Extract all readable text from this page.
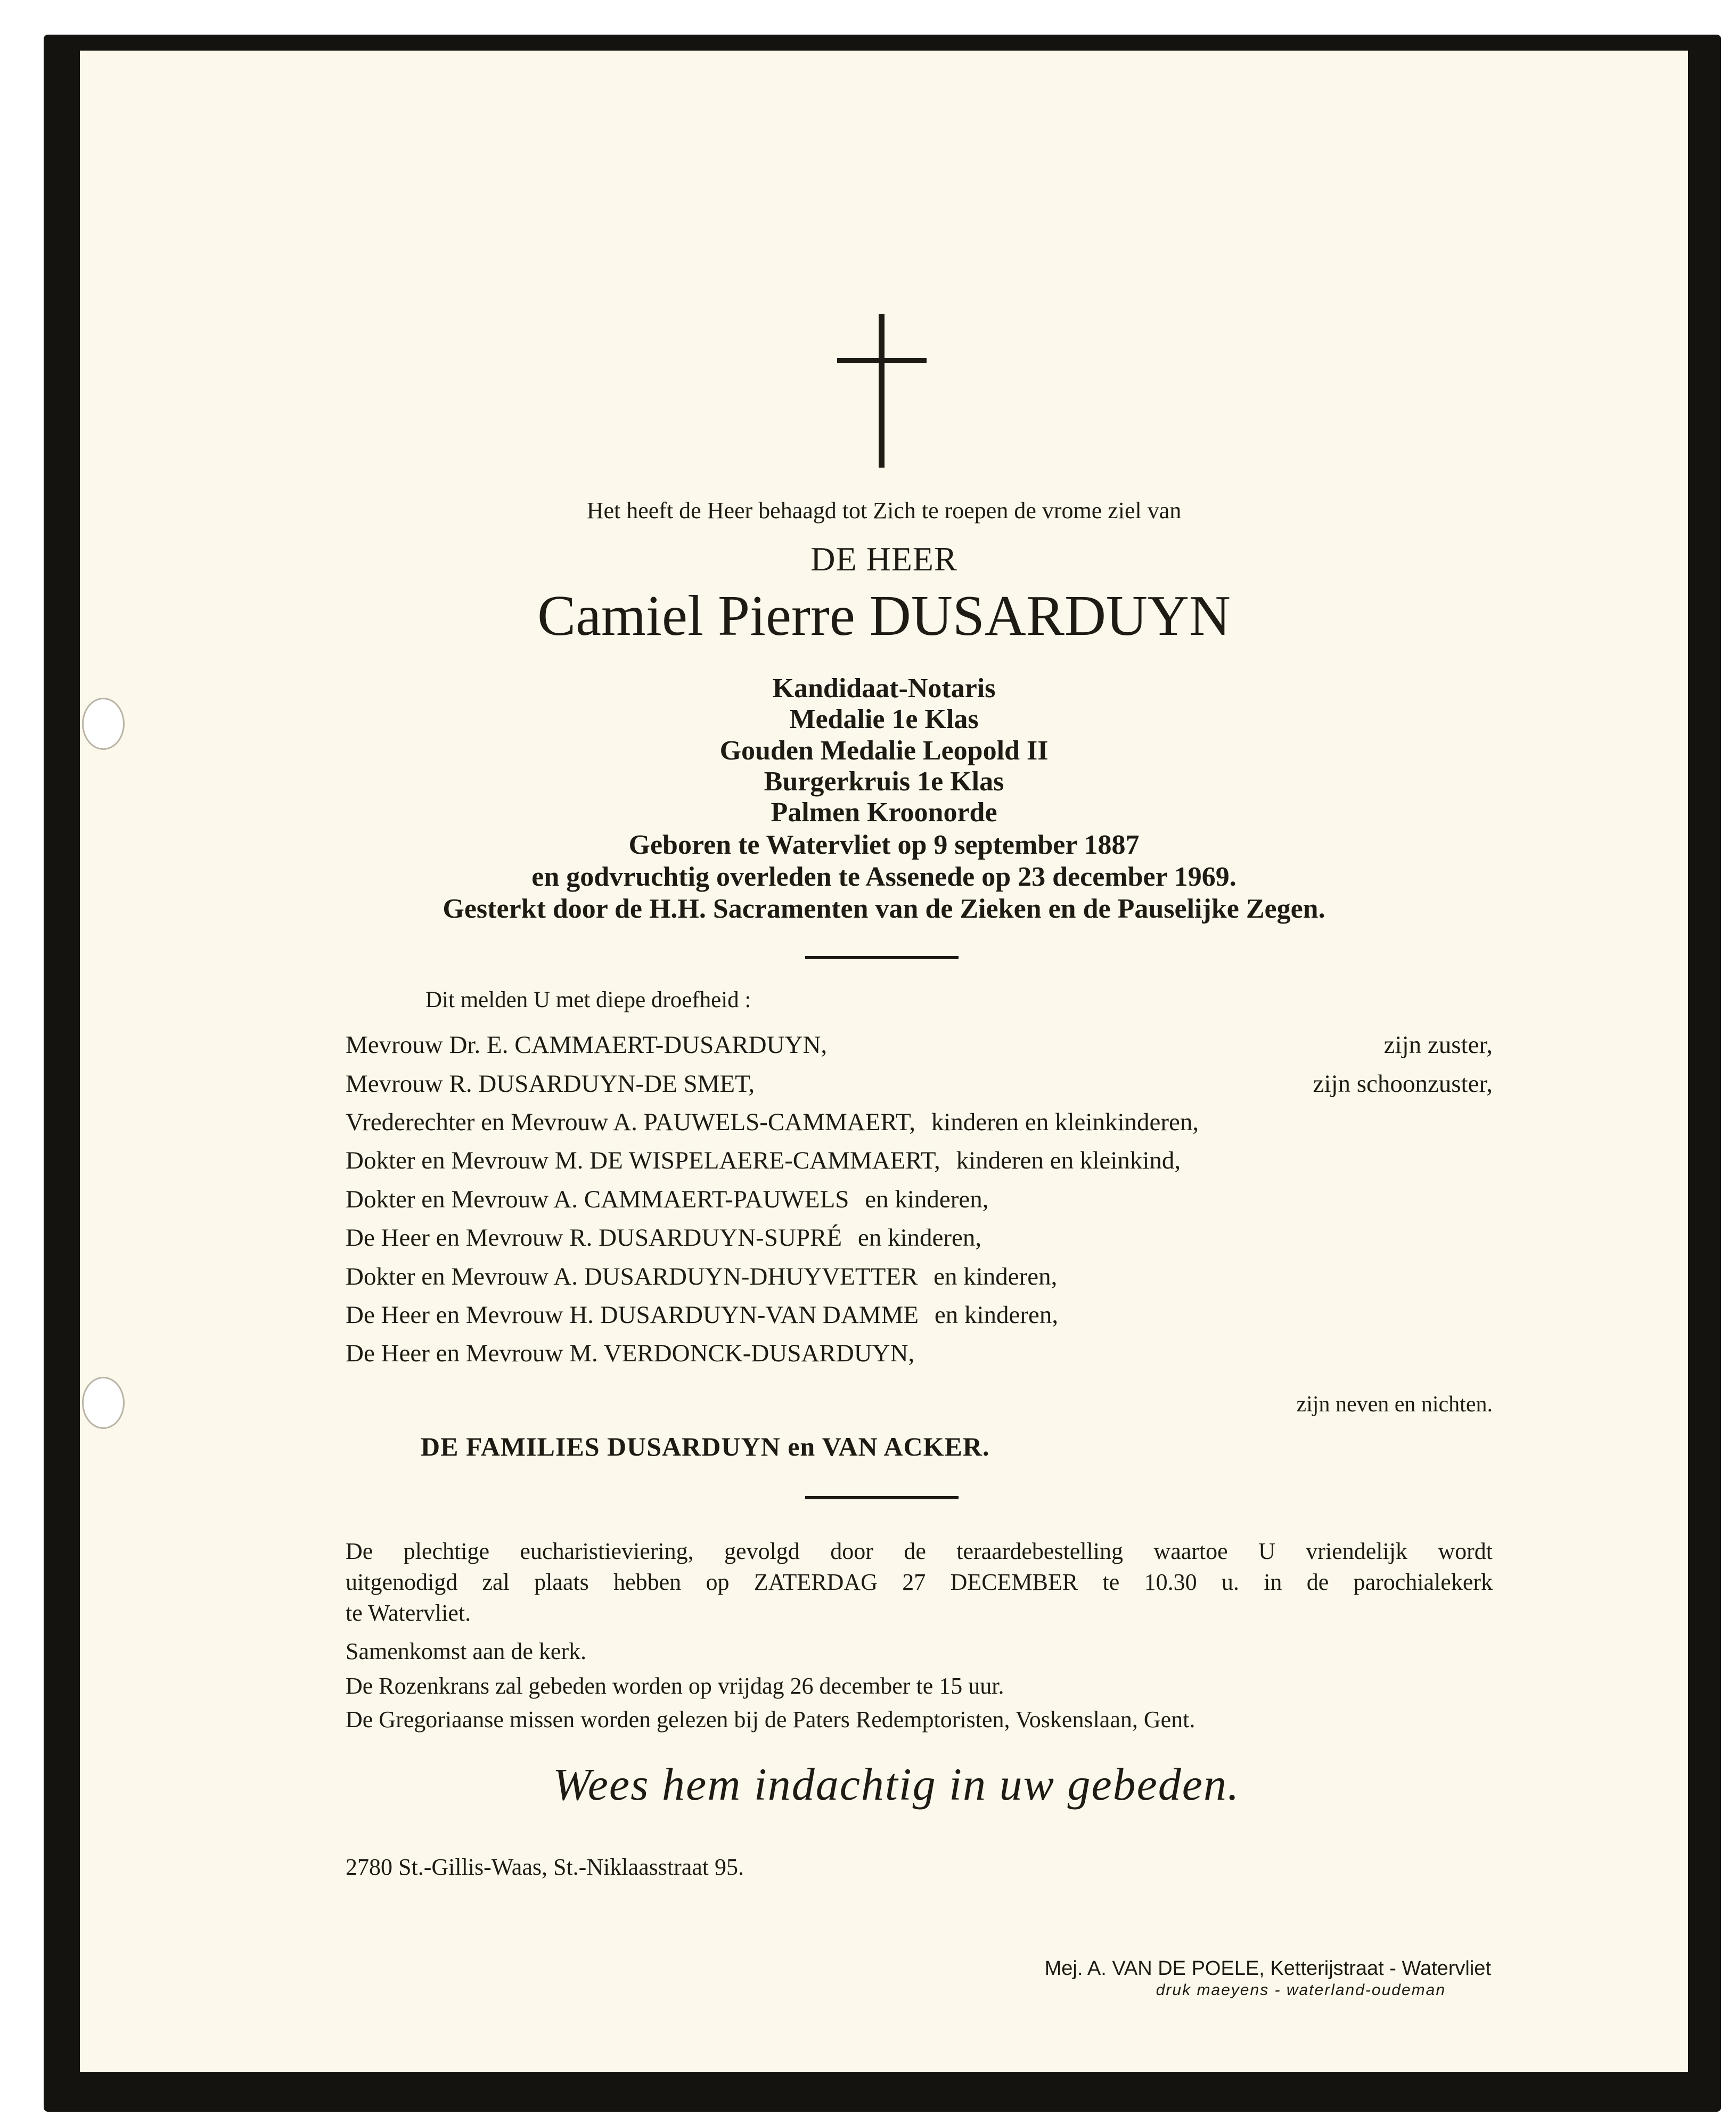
Het heeft de Heer behaagd tot Zich te roepen de vrome ziel van
DE HEER
Camiel Pierre DUSARDUYN
Kandidaat-Notaris
Medalie 1e Klas
Gouden Medalie Leopold II
Burgerkruis 1e Klas
Palmen Kroonorde
Geboren te Watervliet op 9 september 1887
en godvruchtig overleden te Assenede op 23 december 1969.
Gesterkt door de H.H. Sacramenten van de Zieken en de Pauselijke Zegen.
Dit melden U met diepe droefheid :
Mevrouw Dr. E. CAMMAERT-DUSARDUYN,	zijn zuster,
Mevrouw R. DUSARDUYN-DE SMET,	zijn schoonzuster,
Vrederechter en Mevrouw A. PAUWELS-CAMMAERT, kinderen en kleinkinderen,
Dokter en Mevrouw M. DE WISPELAERE-CAMMAERT, kinderen en kleinkind,
Dokter en Mevrouw A. CAMMAERT-PAUWELS en kinderen,
De Heer en Mevrouw R. DUSARDUYN-SUPRÉ en kinderen,
Dokter en Mevrouw A. DUSARDUYN-DHUYVETTER en kinderen,
De Heer en Mevrouw H. DUSARDUYN-VAN DAMME en kinderen,
De Heer en Mevrouw M. VERDONCK-DUSARDUYN,
zijn neven en nichten.
DE FAMILIES DUSARDUYN en VAN ACKER.
De plechtige eucharistieviering, gevolgd door de teraardebestelling waartoe U vriendelijk wordt
uitgenodigd zal plaats hebben op ZATERDAG 27 DECEMBER te 10.30 u. in de parochialekerk
te Watervliet.
Samenkomst aan de kerk.
De Rozenkrans zal gebeden worden op vrijdag 26 december te 15 uur.
De Gregoriaanse missen worden gelezen bij de Paters Redemptoristen, Voskenslaan, Gent.
Wees hem indachtig in uw gebeden.
2780 St.-Gillis-Waas, St.-Niklaasstraat 95.
Mej. A. VAN DE POELE, Ketterijstraat - Watervliet
druk maeyens - waterland-oudeman
